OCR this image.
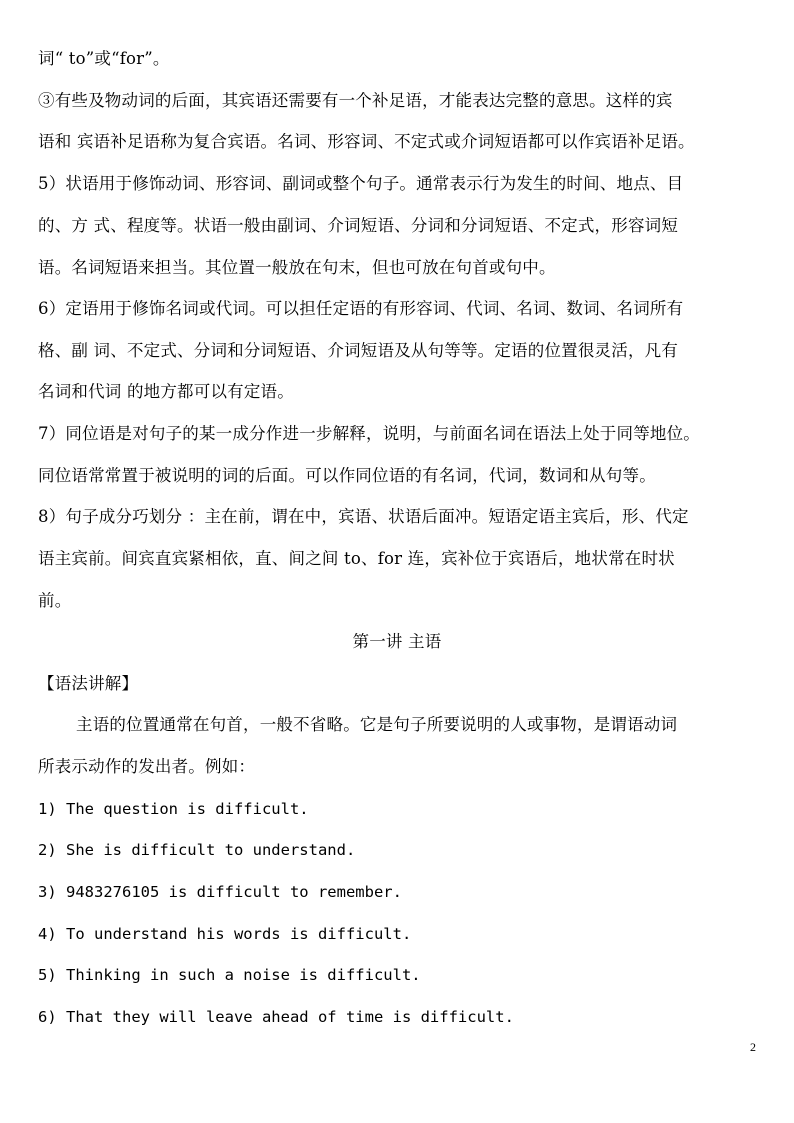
词“ to”或“for”。
③有些及物动词的后面，其宾语还需要有一个补足语，才能表达完整的意思。这样的宾
语和 宾语补足语称为复合宾语。名词、形容词、不定式或介词短语都可以作宾语补足语。
5）状语用于修饰动词、形容词、副词或整个句子。通常表示行为发生的时间、地点、目
的、方 式、程度等。状语一般由副词、介词短语、分词和分词短语、不定式，形容词短
语。名词短语来担当。其位置一般放在句末，但也可放在句首或句中。
6）定语用于修饰名词或代词。可以担任定语的有形容词、代词、名词、数词、名词所有
格、副 词、不定式、分词和分词短语、介词短语及从句等等。定语的位置很灵活，凡有
名词和代词 的地方都可以有定语。
7）同位语是对句子的某一成分作进一步解释，说明，与前面名词在语法上处于同等地位。
同位语常常置于被说明的词的后面。可以作同位语的有名词，代词，数词和从句等。
8）句子成分巧划分 ：主在前，谓在中，宾语、状语后面冲。短语定语主宾后，形、代定
语主宾前。间宾直宾紧相依，直、间之间 to、for 连，宾补位于宾语后，地状常在时状
前。
第一讲 主语
【语法讲解】
主语的位置通常在句首，一般不省略。它是句子所要说明的人或事物，是谓语动词
所表示动作的发出者。例如：
1) The question is difficult.
2) She is difficult to understand.
3) 9483276105 is difficult to remember.
4) To understand his words is difficult.
5) Thinking in such a noise is difficult.
6) That they will leave ahead of time is difficult.
2
